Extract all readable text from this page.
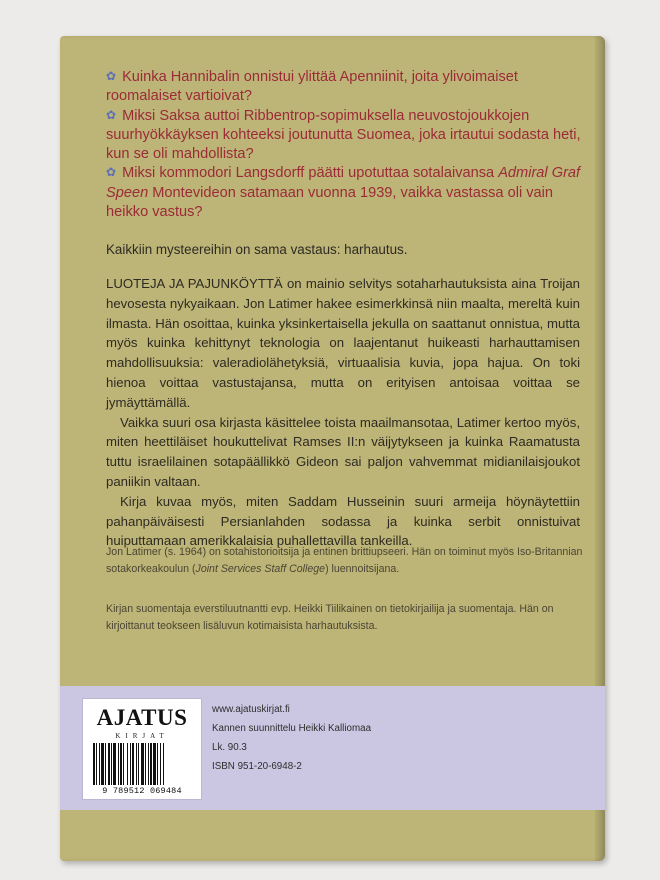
✿ Kuinka Hannibalin onnistui ylittää Apenniinit, joita ylivoimaiset roomalaiset vartioivat?

✿ Miksi Saksa auttoi Ribbentrop-sopimuksella neuvostojoukkojen suurhyökkäyksen kohteeksi joutunutta Suomea, joka irtautui sodasta heti, kun se oli mahdollista?

✿ Miksi kommodori Langsdorff päätti upotuttaa sotalaivansa Admiral Graf Speen Montevideon satamaan vuonna 1939, vaikka vastassa oli vain heikko vastus?

Kaikkiin mysteereihin on sama vastaus: harhautus.

LUOTEJA JA PAJUNKÖYTTÄ on mainio selvitys sotaharhautuksista aina Troijan hevosesta nykyaikaan. Jon Latimer hakee esimerkkinsä niin maalta, mereltä kuin ilmasta. Hän osoittaa, kuinka yksinkertaisella jekulla on saattanut onnistua, mutta myös kuinka kehittynyt teknologia on laajentanut huikeasti harhauttamisen mahdollisuuksia: valeradiolähetyksiä, virtuaalisia kuvia, jopa hajua. On toki hienoa voittaa vastustajansa, mutta on erityisen antoisaa voittaa se jymäyttämällä.

Vaikka suuri osa kirjasta käsittelee toista maailmansotaa, Latimer kertoo myös, miten heettiläiset houkuttelivat Ramses II:n väijytykseen ja kuinka Raamatusta tuttu israelilainen sotapäällikkö Gideon sai paljon vahvemmat midianilaisjoukot paniikin valtaan.

Kirja kuvaa myös, miten Saddam Husseinin suuri armeija höynäytettiin pahanpäiväisesti Persianlahden sodassa ja kuinka serbit onnistuivat huiputtamaan amerikkalaisia puhallettavilla tankeilla.

Jon Latimer (s. 1964) on sotahistorioitsija ja entinen brittiupseeri. Hän on toiminut myös Iso-Britannian sotakorkeakoulun (Joint Services Staff College) luennoitsijana.
Kirjan suomentaja everstiluutnantti evp. Heikki Tiilikainen on tietokirjailija ja suomentaja. Hän on kirjoittanut teokseen lisäluvun kotimaisista harhautuksista.
AJATUS
KIRJAT
9 789512 069484
www.ajatuskirjat.fi
Kannen suunnittelu Heikki Kalliomaa
Lk. 90.3
ISBN 951-20-6948-2
